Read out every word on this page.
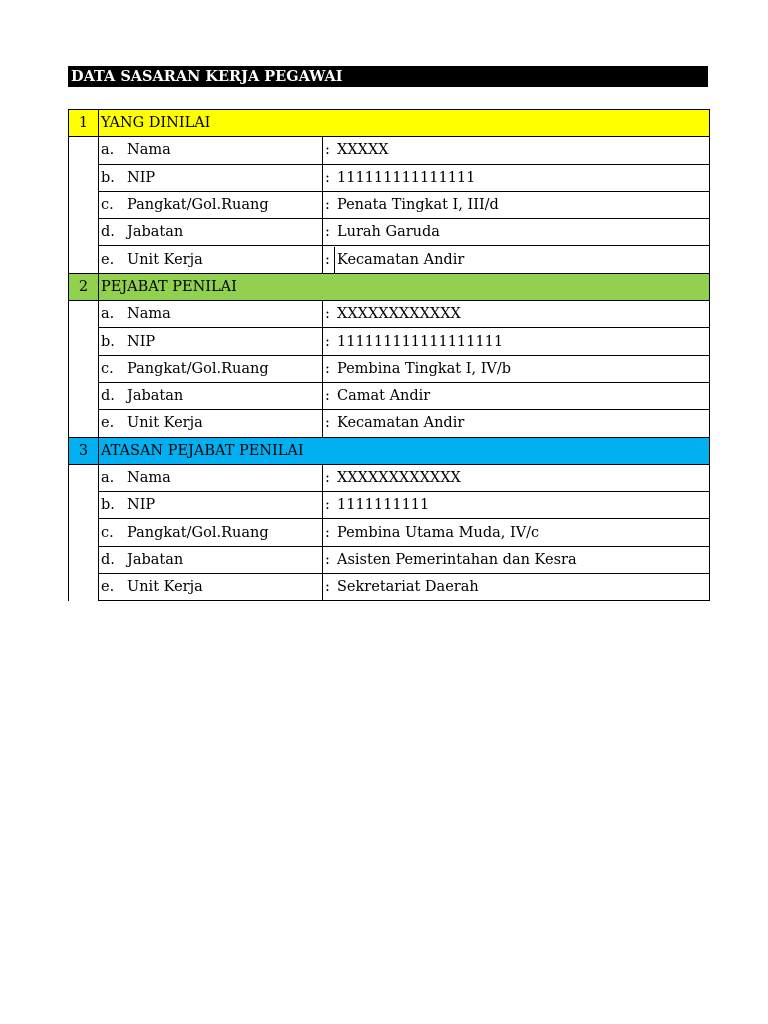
DATA SASARAN KERJA PEGAWAI
1	YANG DINILAI	
	a. Nama	: XXXXX
	b. NIP	: 111111111111111
	c. Pangkat/Gol.Ruang	: Penata Tingkat I, III/d
	d. Jabatan	: Lurah Garuda
	e. Unit Kerja	: Kecamatan Andir
2	PEJABAT PENILAI	
	a. Nama	: XXXXXXXXXXXX
	b. NIP	: 111111111111111111
	c. Pangkat/Gol.Ruang	: Pembina Tingkat I, IV/b
	d. Jabatan	: Camat Andir
	e. Unit Kerja	: Kecamatan Andir
3	ATASAN PEJABAT PENILAI	
	a. Nama	: XXXXXXXXXXXX
	b. NIP	: 1111111111
	c. Pangkat/Gol.Ruang	: Pembina Utama Muda, IV/c
	d. Jabatan	: Asisten Pemerintahan dan Kesra
	e. Unit Kerja	: Sekretariat Daerah
